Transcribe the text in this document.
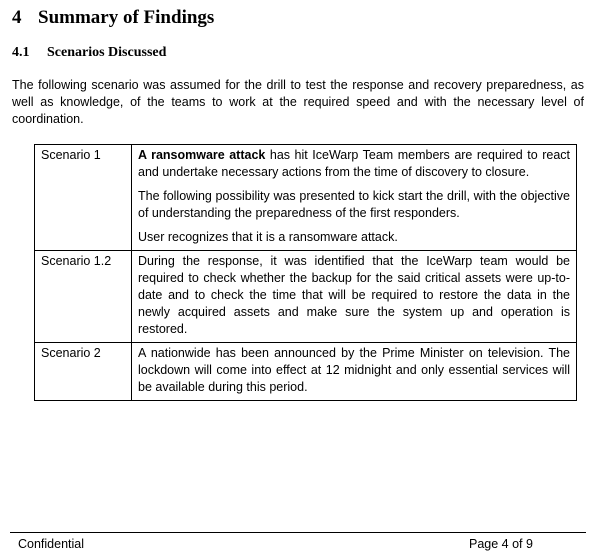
4 Summary of Findings
4.1 Scenarios Discussed
The following scenario was assumed for the drill to test the response and recovery preparedness, as well as knowledge, of the teams to work at the required speed and with the necessary level of coordination.
Scenario 1	A ransomware attack has hit IceWarp Team members are required to react and undertake necessary actions from the time of discovery to closure.

The following possibility was presented to kick start the drill, with the objective of understanding the preparedness of the first responders.

User recognizes that it is a ransomware attack.

Scenario 1.2	During the response, it was identified that the IceWarp team would be required to check whether the backup for the said critical assets were up-to-date and to check the time that will be required to restore the data in the newly acquired assets and make sure the system up and operation is restored.

Scenario 2	A nationwide has been announced by the Prime Minister on television. The lockdown will come into effect at 12 midnight and only essential services will be available during this period.

Confidential	Page 4 of 9
